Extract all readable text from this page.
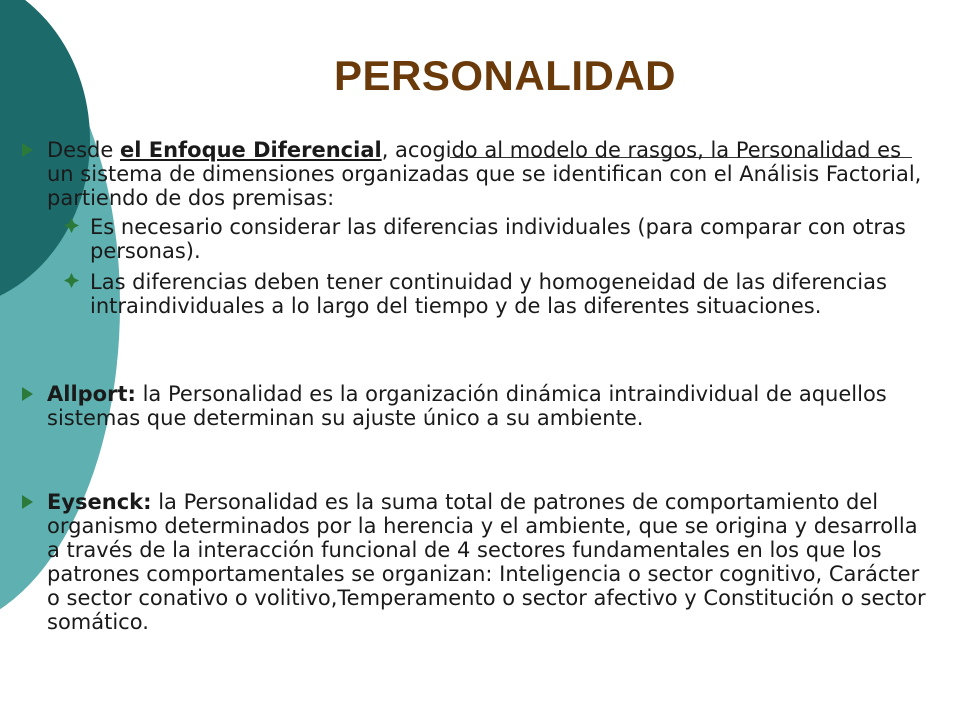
PERSONALIDAD
Desde el Enfoque Diferencial, acogido al modelo de rasgos, la Personalidad es un sistema de dimensiones organizadas que se identifican con el Análisis Factorial, partiendo de dos premisas:
Es necesario considerar las diferencias individuales (para comparar con otras personas).
Las diferencias deben tener continuidad y homogeneidad de las diferencias intraindividuales a lo largo del tiempo y de las diferentes situaciones.
Allport: la Personalidad es la organización dinámica intraindividual de aquellos sistemas que determinan su ajuste único a su ambiente.
Eysenck: la Personalidad es la suma total de patrones de comportamiento del organismo determinados por la herencia y el ambiente, que se origina y desarrolla a través de la interacción funcional de 4 sectores fundamentales en los que los patrones comportamentales se organizan: Inteligencia o sector cognitivo, Carácter o sector conativo o volitivo,Temperamento o sector afectivo y Constitución o sector somático.
